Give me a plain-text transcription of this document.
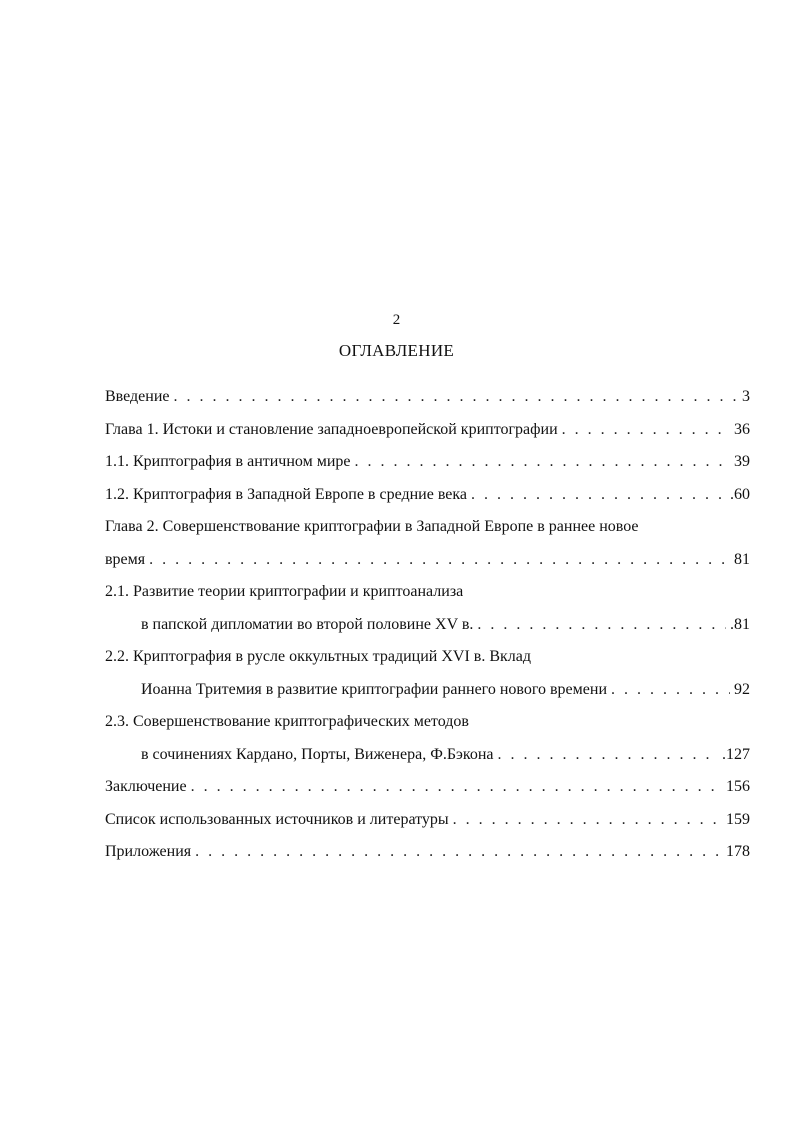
2
ОГЛАВЛЕНИЕ
Введение . . .	3
Глава 1. Истоки и становление западноевропейской криптографии . . .	36
1.1. Криптография в античном мире . . .	39
1.2. Криптография в Западной Европе в средние века . . .	.60
Глава 2. Совершенствование криптографии в Западной Европе в раннее новое
время . . .	81
2.1. Развитие теории криптографии и криптоанализа
в папской дипломатии во второй половине XV в. . . .	.81
2.2. Криптография в русле оккультных традиций XVI в. Вклад
Иоанна Тритемия в развитие криптографии раннего нового времени . . .	92
2.3. Совершенствование криптографических методов
в сочинениях Кардано, Порты, Виженера, Ф.Бэкона . . .	.127
Заключение . . .	156
Список использованных источников и литературы . . .	159
Приложения . . .	178
